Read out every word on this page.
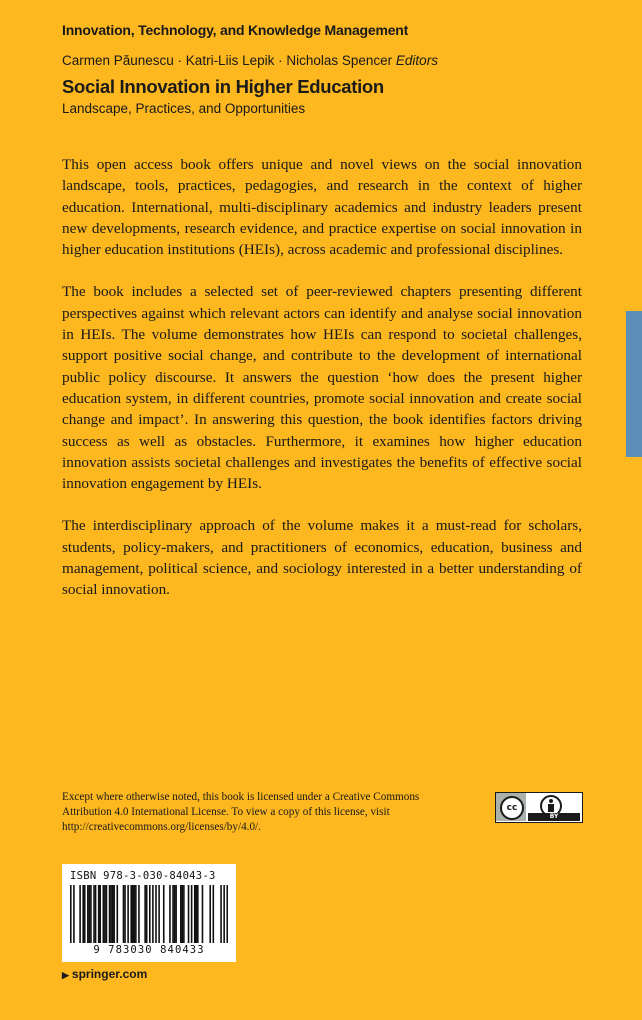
Innovation, Technology, and Knowledge Management
Carmen Păunescu · Katri-Liis Lepik · Nicholas Spencer Editors
Social Innovation in Higher Education
Landscape, Practices, and Opportunities

This open access book offers unique and novel views on the social innovation landscape, tools, practices, pedagogies, and research in the context of higher education. International, multi-disciplinary academics and industry leaders present new developments, research evidence, and practice expertise on social innovation in higher education institutions (HEIs), across academic and professional disciplines.

The book includes a selected set of peer-reviewed chapters presenting different perspectives against which relevant actors can identify and analyse social innovation in HEIs. The volume demonstrates how HEIs can respond to societal challenges, support positive social change, and contribute to the development of international public policy discourse. It answers the question ‘how does the present higher education system, in different countries, promote social innovation and create social change and impact’. In answering this question, the book identifies factors driving success as well as obstacles. Furthermore, it examines how higher education innovation assists societal challenges and investigates the benefits of effective social innovation engagement by HEIs.

The interdisciplinary approach of the volume makes it a must-read for scholars, students, policy-makers, and practitioners of economics, education, business and management, political science, and sociology interested in a better understanding of social innovation.

Except where otherwise noted, this book is licensed under a Creative Commons Attribution 4.0 International License. To view a copy of this license, visit http://creativecommons.org/licenses/by/4.0/.
cc
BY
ISBN 978-3-030-84043-3
9 783030 840433
▶ springer.com
